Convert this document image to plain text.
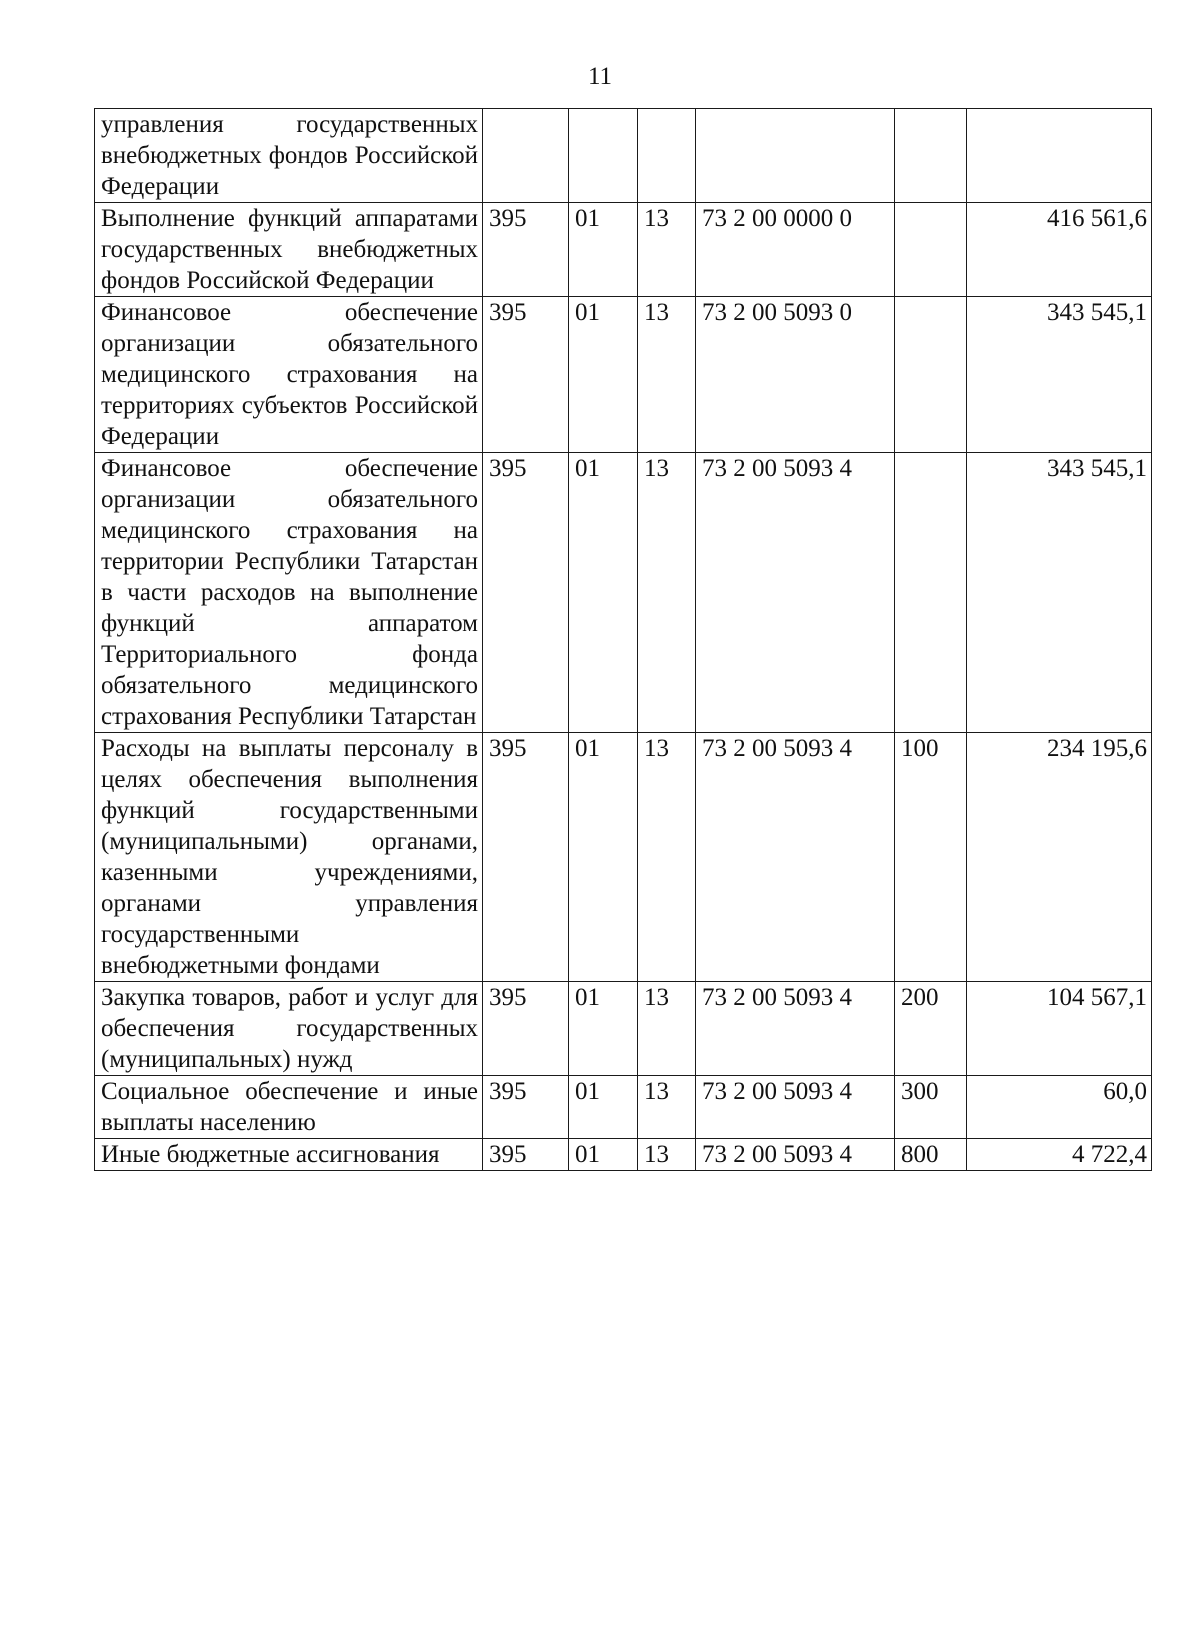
11
управления государственных внебюджетных фондов Российской Федерации						
Выполнение функций аппаратами государственных внебюджетных фондов Российской Федерации	395	01	13	73 2 00 0000 0		416 561,6
Финансовое обеспечение организации обязательного медицинского страхования на территориях субъектов Российской Федерации	395	01	13	73 2 00 5093 0		343 545,1
Финансовое обеспечение организации обязательного медицинского страхования на территории Республики Татарстан в части расходов на выполнение функций аппаратом Территориального фонда обязательного медицинского страхования Республики Татарстан	395	01	13	73 2 00 5093 4		343 545,1
Расходы на выплаты персоналу в целях обеспечения выполнения функций государственными (муниципальными) органами, казенными учреждениями, органами управления государственными внебюджетными фондами	395	01	13	73 2 00 5093 4	100	234 195,6
Закупка товаров, работ и услуг для обеспечения государственных (муниципальных) нужд	395	01	13	73 2 00 5093 4	200	104 567,1
Социальное обеспечение и иные выплаты населению	395	01	13	73 2 00 5093 4	300	60,0
Иные бюджетные ассигнования	395	01	13	73 2 00 5093 4	800	4 722,4
